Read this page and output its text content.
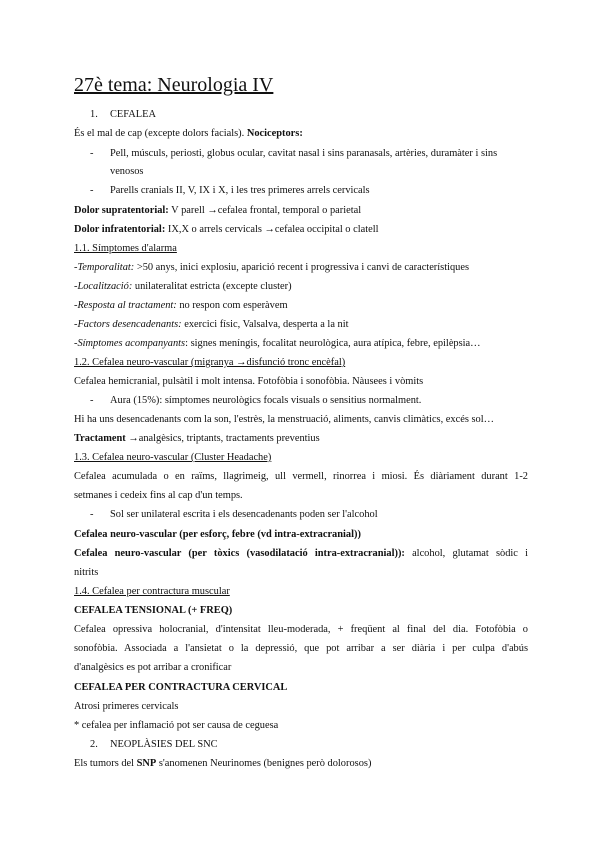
27è tema: Neurologia IV
1. CEFALEA
És el mal de cap (excepte dolors facials). Nociceptors:
- Pell, músculs, periosti, globus ocular, cavitat nasal i sins paranasals, artèries, duramàter i sins
venosos
- Parells cranials II, V, IX i X, i les tres primeres arrels cervicals
Dolor supratentorial: V parell →cefalea frontal, temporal o parietal
Dolor infratentorial: IX,X o arrels cervicals →cefalea occipital o clatell
1.1. Símptomes d'alarma
-Temporalitat: >50 anys, inici explosiu, aparició recent i progressiva i canvi de característiques
-Localització: unilateralitat estricta (excepte cluster)
-Resposta al tractament: no respon com esperàvem
-Factors desencadenants: exercici físic, Valsalva, desperta a la nit
-Símptomes acompanyants: signes meníngis, focalitat neurològica, aura atípica, febre, epilèpsia…
1.2. Cefalea neuro-vascular (migranya →disfunció tronc encèfal)
Cefalea hemicranial, pulsàtil i molt intensa. Fotofòbia i sonofòbia. Nàusees i vòmits
- Aura (15%): símptomes neurològics focals visuals o sensitius normalment.
Hi ha uns desencadenants com la son, l'estrès, la menstruació, aliments, canvis climàtics, excés sol…
Tractament →analgèsics, triptants, tractaments preventius
1.3. Cefalea neuro-vascular (Cluster Headache)
Cefalea acumulada o en raïms, llagrimeig, ull vermell, rinorrea i miosi. És diàriament durant 1-2
setmanes i cedeix fins al cap d'un temps.
- Sol ser unilateral escrita i els desencadenants poden ser l'alcohol
Cefalea neuro-vascular (per esforç, febre (vd intra-extracranial))
Cefalea neuro-vascular (per tòxics (vasodilatació intra-extracranial)): alcohol, glutamat sòdic i
nitrits
1.4. Cefalea per contractura muscular
CEFALEA TENSIONAL (+ FREQ)
Cefalea opressiva holocranial, d'intensitat lleu-moderada, + freqüent al final del dia. Fotofòbia o
sonofòbia. Associada a l'ansietat o la depressió, que pot arribar a ser diària i per culpa d'abús
d'analgèsics es pot arribar a cronificar
CEFALEA PER CONTRACTURA CERVICAL
Atrosi primeres cervicals
* cefalea per inflamació pot ser causa de ceguesa
2. NEOPLÀSIES DEL SNC
Els tumors del SNP s'anomenen Neurinomes (benignes però dolorosos)
